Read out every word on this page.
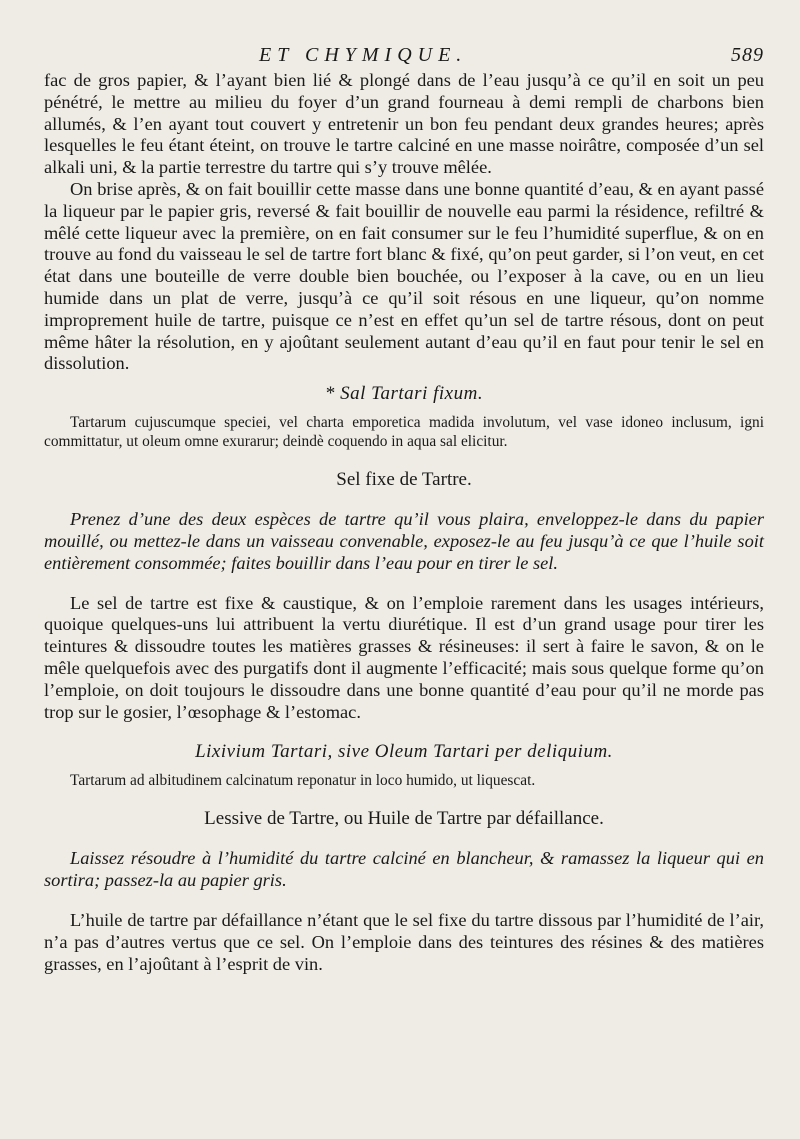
ET CHYMIQUE.	589

fac de gros papier, & l’ayant bien lié & plongé dans de l’eau jusqu’à ce qu’il en soit un peu pénétré, le mettre au milieu du foyer d’un grand fourneau à demi rempli de charbons bien allumés, & l’en ayant tout couvert y entretenir un bon feu pendant deux grandes heures; après lesquelles le feu étant éteint, on trouve le tartre calciné en une masse noirâtre, composée d’un sel alkali uni, & la partie terrestre du tartre qui s’y trouve mêlée.

On brise après, & on fait bouillir cette masse dans une bonne quantité d’eau, & en ayant passé la liqueur par le papier gris, reversé & fait bouillir de nouvelle eau parmi la résidence, refiltré & mêlé cette liqueur avec la première, on en fait consumer sur le feu l’humidité superflue, & on en trouve au fond du vaisseau le sel de tartre fort blanc & fixé, qu’on peut garder, si l’on veut, en cet état dans une bouteille de verre double bien bouchée, ou l’exposer à la cave, ou en un lieu humide dans un plat de verre, jusqu’à ce qu’il soit résous en une liqueur, qu’on nomme improprement huile de tartre, puisque ce n’est en effet qu’un sel de tartre résous, dont on peut même hâter la résolution, en y ajoûtant seulement autant d’eau qu’il en faut pour tenir le sel en dissolution.

* Sal Tartari fixum.

Tartarum cujuscumque speciei, vel charta emporetica madida involutum, vel vase idoneo inclusum, igni committatur, ut oleum omne exurarur; deindè coquendo in aqua sal elicitur.

Sel fixe de Tartre.

Prenez d’une des deux espèces de tartre qu’il vous plaira, enveloppez-le dans du papier mouillé, ou mettez-le dans un vaisseau convenable, exposez-le au feu jusqu’à ce que l’huile soit entièrement consommée; faites bouillir dans l’eau pour en tirer le sel.

Le sel de tartre est fixe & caustique, & on l’emploie rarement dans les usages intérieurs, quoique quelques-uns lui attribuent la vertu diurétique. Il est d’un grand usage pour tirer les teintures & dissoudre toutes les matières grasses & résineuses: il sert à faire le savon, & on le mêle quelquefois avec des purgatifs dont il augmente l’efficacité; mais sous quelque forme qu’on l’emploie, on doit toujours le dissoudre dans une bonne quantité d’eau pour qu’il ne morde pas trop sur le gosier, l’œsophage & l’estomac.

Lixivium Tartari, sive Oleum Tartari per deliquium.

Tartarum ad albitudinem calcinatum reponatur in loco humido, ut liquescat.

Lessive de Tartre, ou Huile de Tartre par défaillance.

Laissez résoudre à l’humidité du tartre calciné en blancheur, & ramassez la liqueur qui en sortira; passez-la au papier gris.

L’huile de tartre par défaillance n’étant que le sel fixe du tartre dissous par l’humidité de l’air, n’a pas d’autres vertus que ce sel. On l’emploie dans des teintures des résines & des matières grasses, en l’ajoûtant à l’esprit de vin.
